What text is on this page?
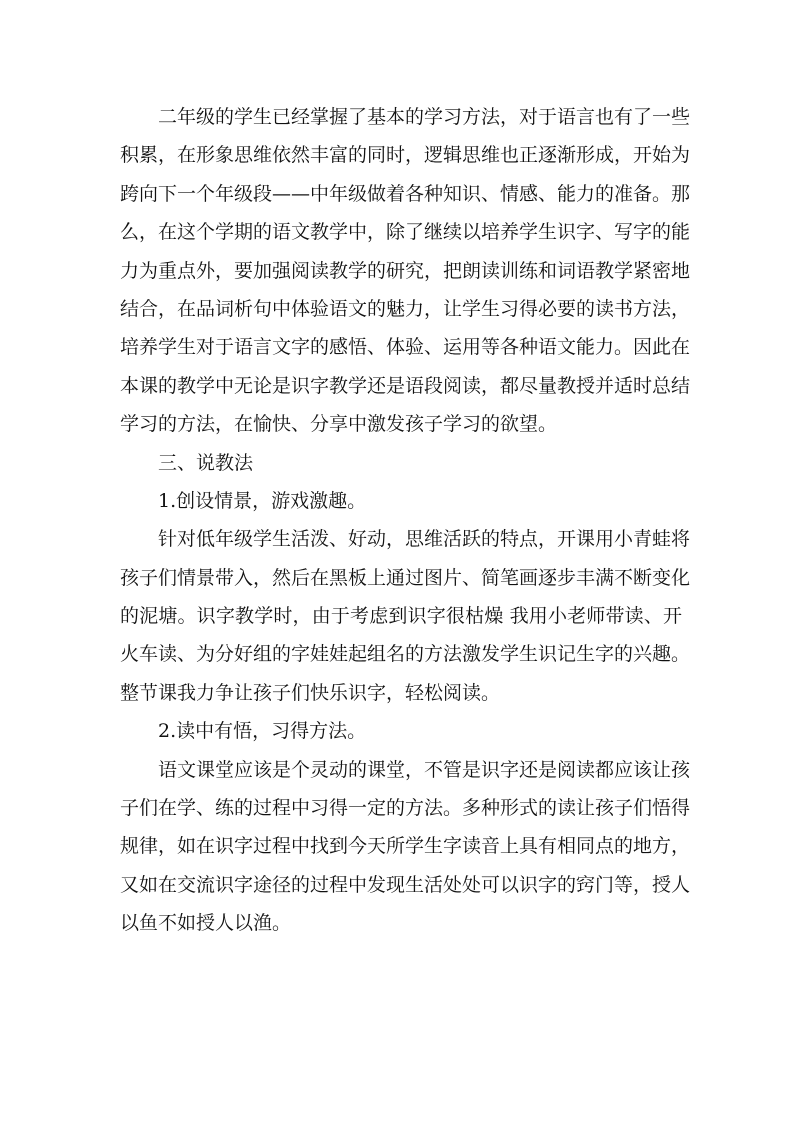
二年级的学生已经掌握了基本的学习方法，对于语言也有了一些
积累，在形象思维依然丰富的同时，逻辑思维也正逐渐形成，开始为
跨向下一个年级段——中年级做着各种知识、情感、能力的准备。那
么，在这个学期的语文教学中，除了继续以培养学生识字、写字的能
力为重点外，要加强阅读教学的研究，把朗读训练和词语教学紧密地
结合，在品词析句中体验语文的魅力，让学生习得必要的读书方法，
培养学生对于语言文字的感悟、体验、运用等各种语文能力。因此在
本课的教学中无论是识字教学还是语段阅读，都尽量教授并适时总结
学习的方法，在愉快、分享中激发孩子学习的欲望。
三、说教法
1.创设情景，游戏激趣。
针对低年级学生活泼、好动，思维活跃的特点，开课用小青蛙将
孩子们情景带入，然后在黑板上通过图片、简笔画逐步丰满不断变化
的泥塘。识字教学时，由于考虑到识字很枯燥 我用小老师带读、开
火车读、为分好组的字娃娃起组名的方法激发学生识记生字的兴趣。
整节课我力争让孩子们快乐识字，轻松阅读。
2.读中有悟，习得方法。
语文课堂应该是个灵动的课堂，不管是识字还是阅读都应该让孩
子们在学、练的过程中习得一定的方法。多种形式的读让孩子们悟得
规律，如在识字过程中找到今天所学生字读音上具有相同点的地方，
又如在交流识字途径的过程中发现生活处处可以识字的窍门等，授人
以鱼不如授人以渔。
